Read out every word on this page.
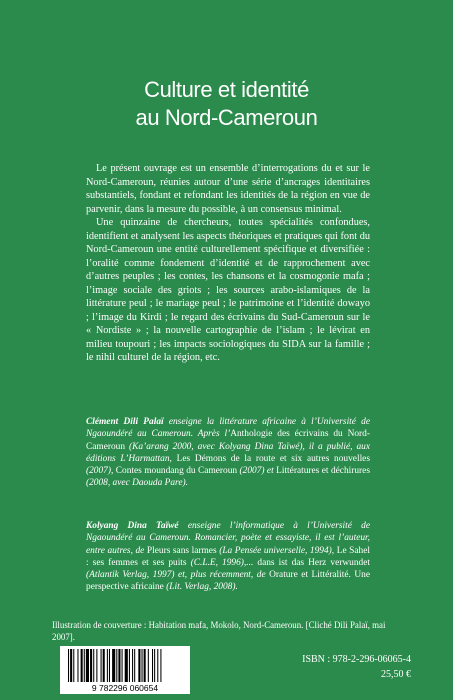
Culture et identité
au Nord-Cameroun

Le présent ouvrage est un ensemble d’interrogations du et sur le Nord-Cameroun, réunies autour d’une série d’ancrages identitaires substantiels, fondant et refondant les identités de la région en vue de parvenir, dans la mesure du possible, à un consensus minimal.

Une quinzaine de chercheurs, toutes spécialités confondues, identifient et analysent les aspects théoriques et pratiques qui font du Nord-Cameroun une entité culturellement spécifique et diversifiée : l’oralité comme fondement d’identité et de rapprochement avec d’autres peuples ; les contes, les chansons et la cosmogonie mafa ; l’image sociale des griots ; les sources arabo-islamiques de la littérature peul ; le mariage peul ; le patrimoine et l’identité dowayo ; l’image du Kirdi ; le regard des écrivains du Sud-Cameroun sur le « Nordiste » ; la nouvelle cartographie de l’islam ; le lévirat en milieu toupouri ; les impacts sociologiques du SIDA sur la famille ; le nihil culturel de la région, etc.

Clément Dili Palaï enseigne la littérature africaine à l’Université de Ngaoundéré au Cameroun. Après l’Anthologie des écrivains du Nord-Cameroun (Ka’arang 2000, avec Kolyang Dina Taïwé), il a publié, aux éditions L’Harmattan, Les Démons de la route et six autres nouvelles (2007), Contes moundang du Cameroun (2007) et Littératures et déchirures (2008, avec Daouda Pare).
Kolyang Dina Taïwé enseigne l’informatique à l’Université de Ngaoundéré au Cameroun. Romancier, poète et essayiste, il est l’auteur, entre autres, de Pleurs sans larmes (La Pensée universelle, 1994), Le Sahel : ses femmes et ses puits (C.L.E, 1996),... dans ist das Herz verwundet (Atlantik Verlag, 1997) et, plus récemment, de Orature et Littéralité. Une perspective africaine (Lit. Verlag, 2008).
Illustration de couverture : Habitation mafa, Mokolo, Nord-Cameroun. [Cliché Dili Palaï, mai 2007].
9 782296 060654
ISBN : 978-2-296-06065-4
25,50 €
